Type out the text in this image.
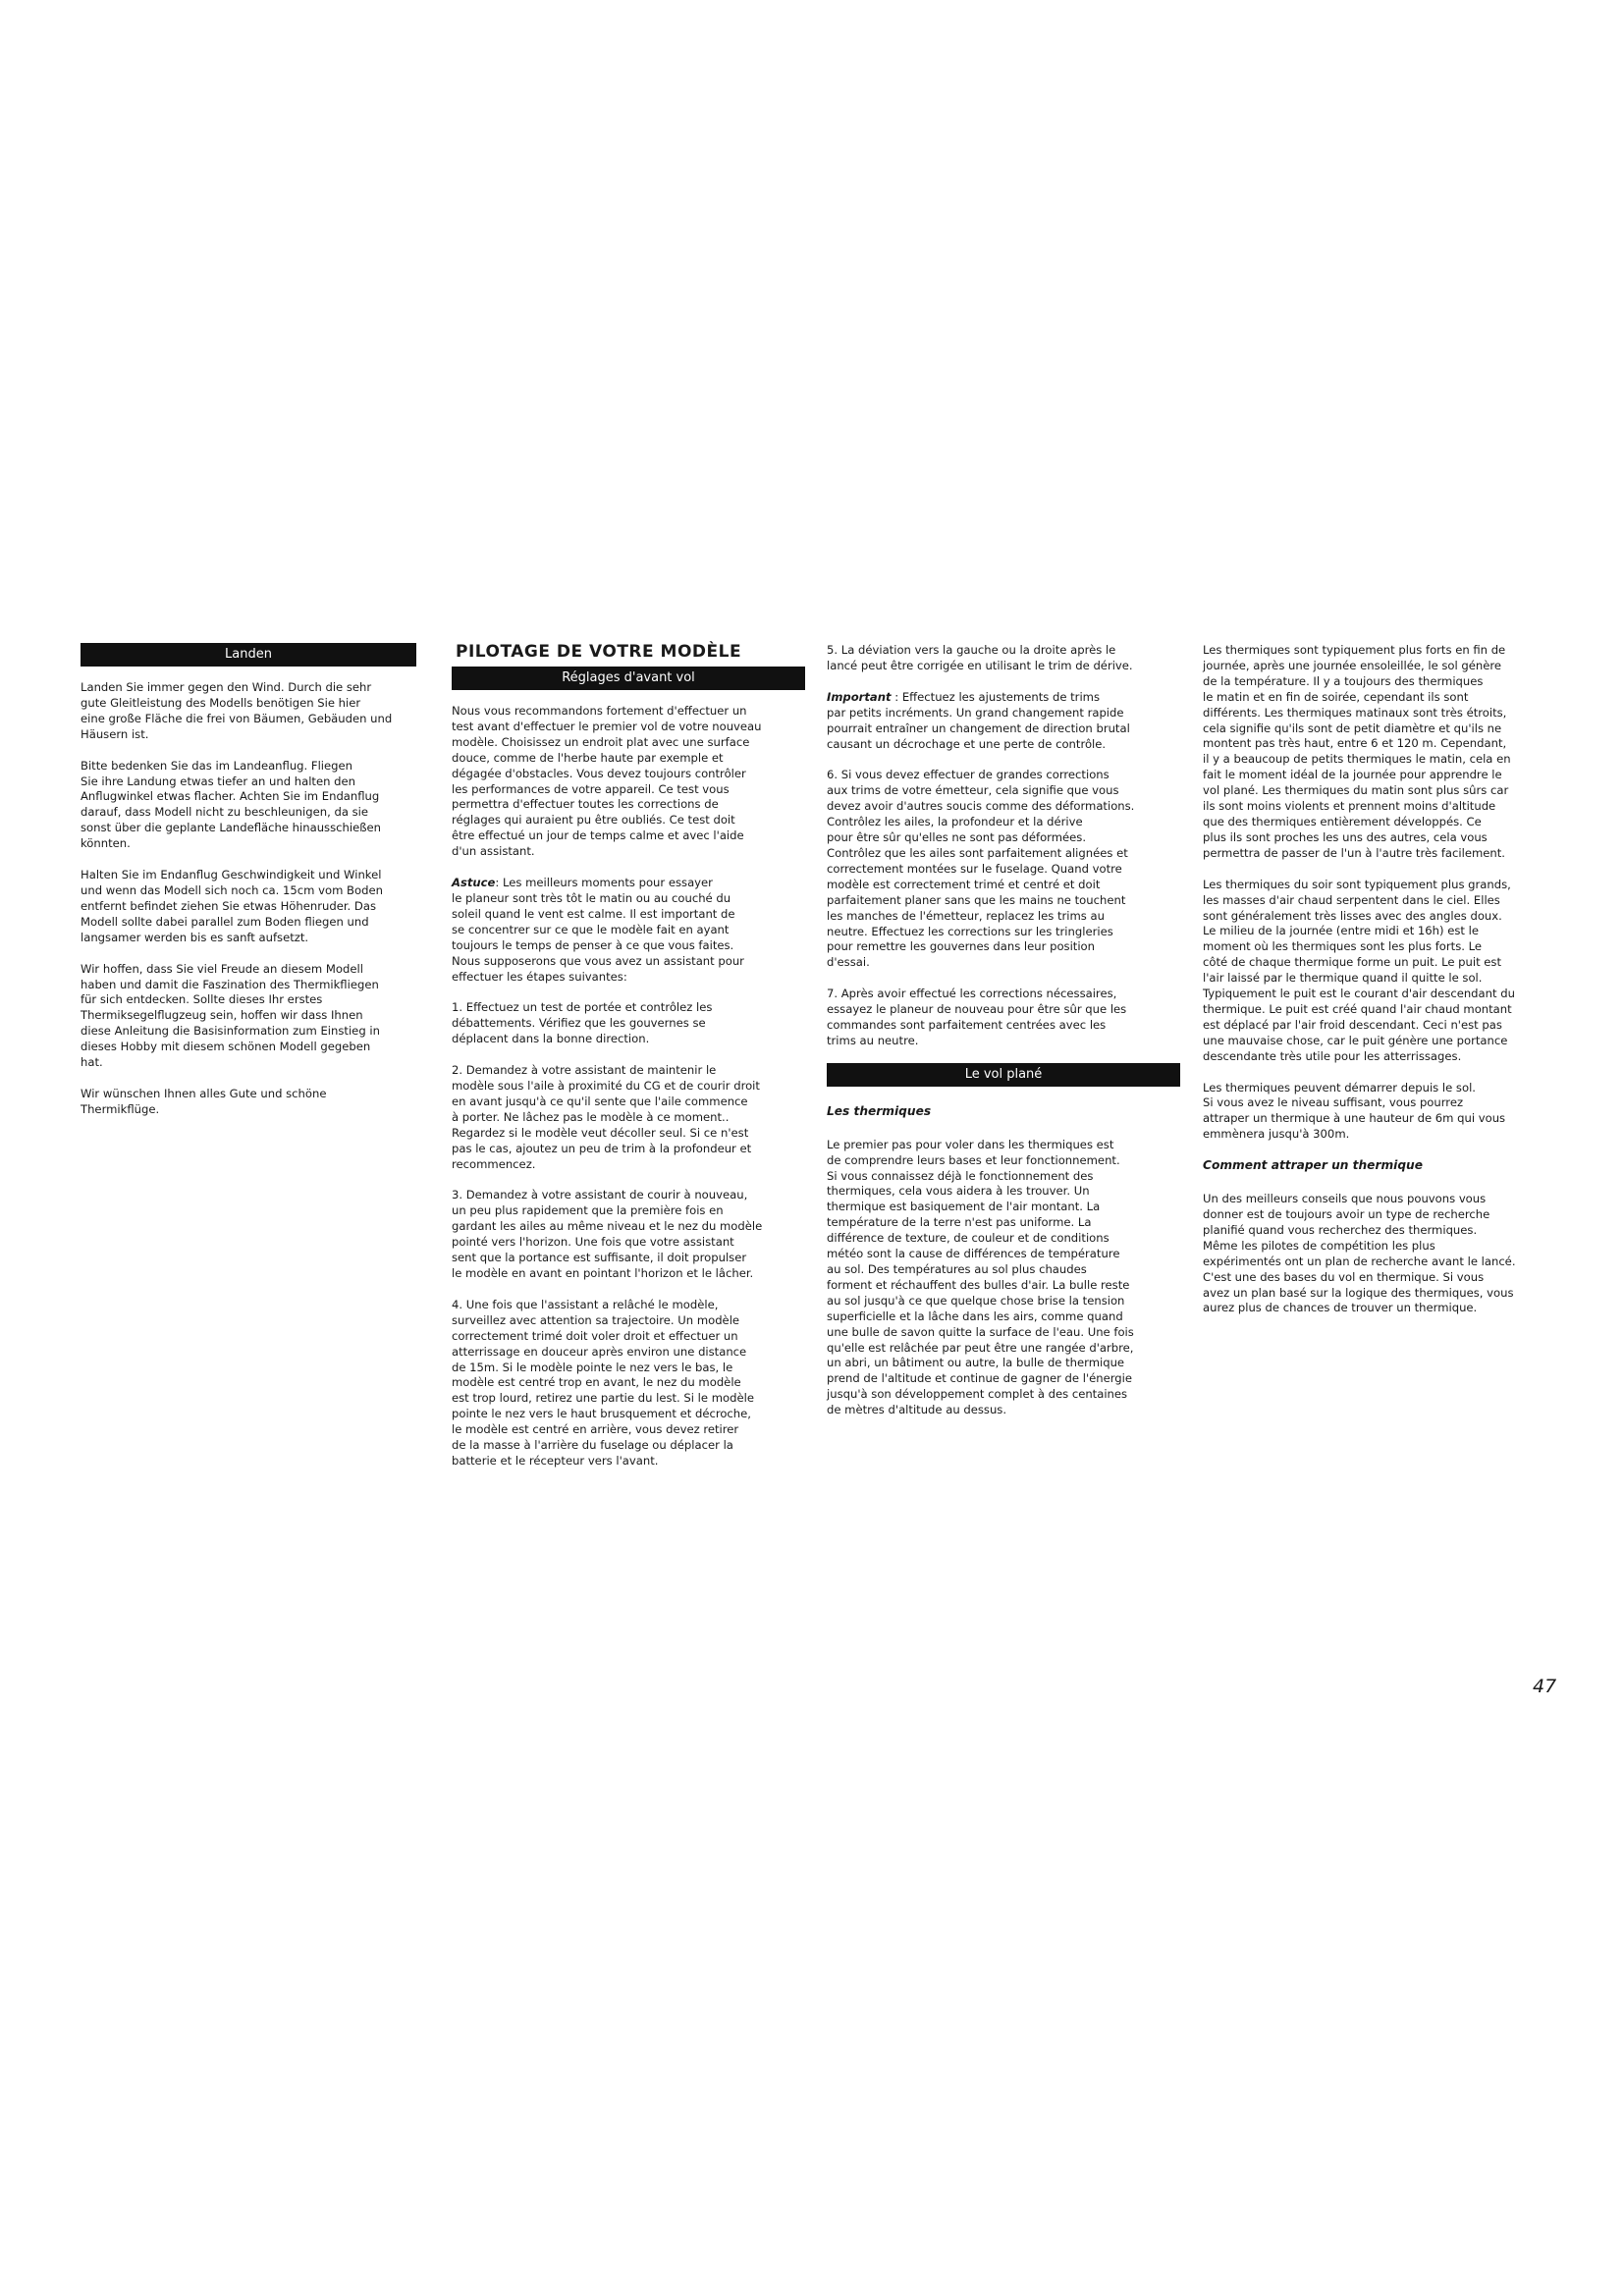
Landen

Landen Sie immer gegen den Wind. Durch die sehr
gute Gleitleistung des Modells benötigen Sie hier
eine große Fläche die frei von Bäumen, Gebäuden und
Häusern ist.

Bitte bedenken Sie das im Landeanflug. Fliegen
Sie ihre Landung etwas tiefer an und halten den
Anflugwinkel etwas flacher. Achten Sie im Endanflug
darauf, dass Modell nicht zu beschleunigen, da sie
sonst über die geplante Landefläche hinausschießen
könnten.

Halten Sie im Endanflug Geschwindigkeit und Winkel
und wenn das Modell sich noch ca. 15cm vom Boden
entfernt befindet ziehen Sie etwas Höhenruder. Das
Modell sollte dabei parallel zum Boden fliegen und
langsamer werden bis es sanft aufsetzt.

Wir hoffen, dass Sie viel Freude an diesem Modell
haben und damit die Faszination des Thermikfliegen
für sich entdecken. Sollte dieses Ihr erstes
Thermiksegelflugzeug sein, hoffen wir dass Ihnen
diese Anleitung die Basisinformation zum Einstieg in
dieses Hobby mit diesem schönen Modell gegeben
hat.

Wir wünschen Ihnen alles Gute und schöne
Thermikflüge.

PILOTAGE DE VOTRE MODÈLE
Réglages d'avant vol

Nous vous recommandons fortement d'effectuer un
test avant d'effectuer le premier vol de votre nouveau
modèle. Choisissez un endroit plat avec une surface
douce, comme de l'herbe haute par exemple et
dégagée d'obstacles. Vous devez toujours contrôler
les performances de votre appareil. Ce test vous
permettra d'effectuer toutes les corrections de
réglages qui auraient pu être oubliés. Ce test doit
être effectué un jour de temps calme et avec l'aide
d'un assistant.

Astuce: Les meilleurs moments pour essayer
le planeur sont très tôt le matin ou au couché du
soleil quand le vent est calme. Il est important de
se concentrer sur ce que le modèle fait en ayant
toujours le temps de penser à ce que vous faites.
Nous supposerons que vous avez un assistant pour
effectuer les étapes suivantes:

1. Effectuez un test de portée et contrôlez les
débattements. Vérifiez que les gouvernes se
déplacent dans la bonne direction.

2. Demandez à votre assistant de maintenir le
modèle sous l'aile à proximité du CG et de courir droit
en avant jusqu'à ce qu'il sente que l'aile commence
à porter. Ne lâchez pas le modèle à ce moment..
Regardez si le modèle veut décoller seul. Si ce n'est
pas le cas, ajoutez un peu de trim à la profondeur et
recommencez.

3. Demandez à votre assistant de courir à nouveau,
un peu plus rapidement que la première fois en
gardant les ailes au même niveau et le nez du modèle
pointé vers l'horizon. Une fois que votre assistant
sent que la portance est suffisante, il doit propulser
le modèle en avant en pointant l'horizon et le lâcher.

4. Une fois que l'assistant a relâché le modèle,
surveillez avec attention sa trajectoire. Un modèle
correctement trimé doit voler droit et effectuer un
atterrissage en douceur après environ une distance
de 15m. Si le modèle pointe le nez vers le bas, le
modèle est centré trop en avant, le nez du modèle
est trop lourd, retirez une partie du lest. Si le modèle
pointe le nez vers le haut brusquement et décroche,
le modèle est centré en arrière, vous devez retirer
de la masse à l'arrière du fuselage ou déplacer la
batterie et le récepteur vers l'avant.

5. La déviation vers la gauche ou la droite après le
lancé peut être corrigée en utilisant le trim de dérive.

Important : Effectuez les ajustements de trims
par petits incréments. Un grand changement rapide
pourrait entraîner un changement de direction brutal
causant un décrochage et une perte de contrôle.

6. Si vous devez effectuer de grandes corrections
aux trims de votre émetteur, cela signifie que vous
devez avoir d'autres soucis comme des déformations.
Contrôlez les ailes, la profondeur et la dérive
pour être sûr qu'elles ne sont pas déformées.
Contrôlez que les ailes sont parfaitement alignées et
correctement montées sur le fuselage. Quand votre
modèle est correctement trimé et centré et doit
parfaitement planer sans que les mains ne touchent
les manches de l'émetteur, replacez les trims au
neutre. Effectuez les corrections sur les tringleries
pour remettre les gouvernes dans leur position
d'essai.

7. Après avoir effectué les corrections nécessaires,
essayez le planeur de nouveau pour être sûr que les
commandes sont parfaitement centrées avec les
trims au neutre.

Le vol plané
Les thermiques

Le premier pas pour voler dans les thermiques est
de comprendre leurs bases et leur fonctionnement.
Si vous connaissez déjà le fonctionnement des
thermiques, cela vous aidera à les trouver. Un
thermique est basiquement de l'air montant. La
température de la terre n'est pas uniforme. La
différence de texture, de couleur et de conditions
météo sont la cause de différences de température
au sol. Des températures au sol plus chaudes
forment et réchauffent des bulles d'air. La bulle reste
au sol jusqu'à ce que quelque chose brise la tension
superficielle et la lâche dans les airs, comme quand
une bulle de savon quitte la surface de l'eau. Une fois
qu'elle est relâchée par peut être une rangée d'arbre,
un abri, un bâtiment ou autre, la bulle de thermique
prend de l'altitude et continue de gagner de l'énergie
jusqu'à son développement complet à des centaines
de mètres d'altitude au dessus.

Les thermiques sont typiquement plus forts en fin de
journée, après une journée ensoleillée, le sol génère
de la température. Il y a toujours des thermiques
le matin et en fin de soirée, cependant ils sont
différents. Les thermiques matinaux sont très étroits,
cela signifie qu'ils sont de petit diamètre et qu'ils ne
montent pas très haut, entre 6 et 120 m. Cependant,
il y a beaucoup de petits thermiques le matin, cela en
fait le moment idéal de la journée pour apprendre le
vol plané. Les thermiques du matin sont plus sûrs car
ils sont moins violents et prennent moins d'altitude
que des thermiques entièrement développés. Ce
plus ils sont proches les uns des autres, cela vous
permettra de passer de l'un à l'autre très facilement.

Les thermiques du soir sont typiquement plus grands,
les masses d'air chaud serpentent dans le ciel. Elles
sont généralement très lisses avec des angles doux.
Le milieu de la journée (entre midi et 16h) est le
moment où les thermiques sont les plus forts. Le
côté de chaque thermique forme un puit. Le puit est
l'air laissé par le thermique quand il quitte le sol.
Typiquement le puit est le courant d'air descendant du
thermique. Le puit est créé quand l'air chaud montant
est déplacé par l'air froid descendant. Ceci n'est pas
une mauvaise chose, car le puit génère une portance
descendante très utile pour les atterrissages.

Les thermiques peuvent démarrer depuis le sol.
Si vous avez le niveau suffisant, vous pourrez
attraper un thermique à une hauteur de 6m qui vous
emmènera jusqu'à 300m.

Comment attraper un thermique

Un des meilleurs conseils que nous pouvons vous
donner est de toujours avoir un type de recherche
planifié quand vous recherchez des thermiques.
Même les pilotes de compétition les plus
expérimentés ont un plan de recherche avant le lancé.
C'est une des bases du vol en thermique. Si vous
avez un plan basé sur la logique des thermiques, vous
aurez plus de chances de trouver un thermique.

47
